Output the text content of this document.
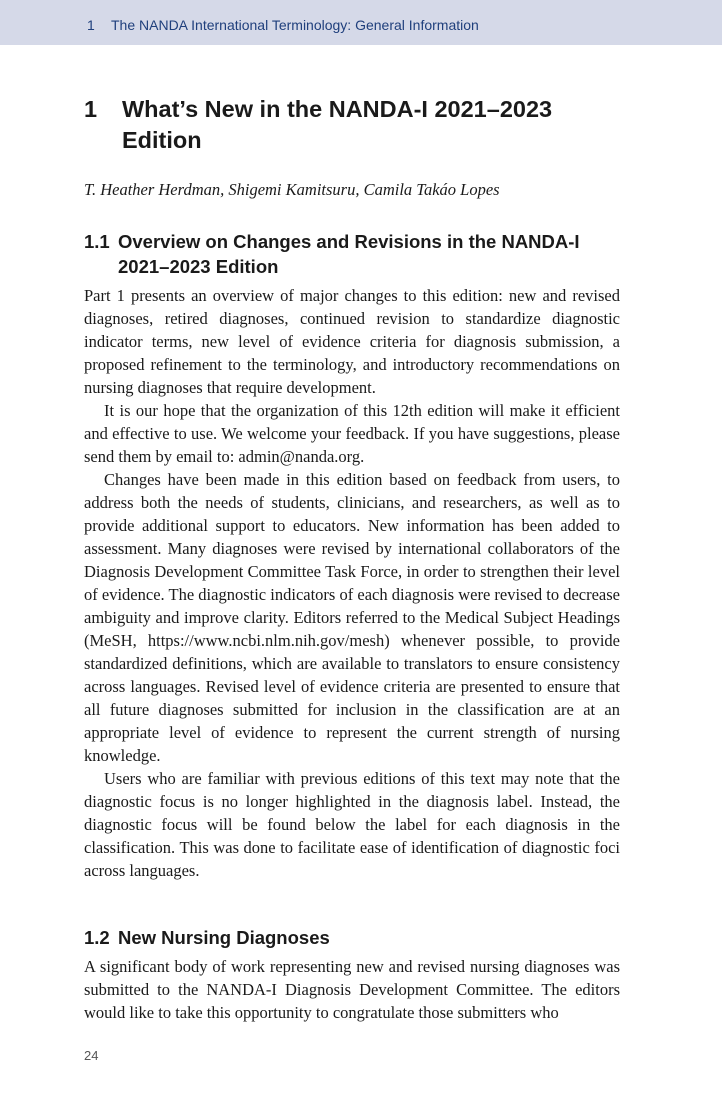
1 The NANDA International Terminology: General Information
1 What’s New in the NANDA-I 2021–2023
Edition
T. Heather Herdman, Shigemi Kamitsuru, Camila Takáo Lopes
1.1 Overview on Changes and Revisions in the NANDA-I
2021–2023 Edition

Part 1 presents an overview of major changes to this edition: new and revised diagnoses, retired diagnoses, continued revision to standardize diagnostic indicator terms, new level of evidence criteria for diagnosis submission, a proposed refinement to the terminology, and introductory recommendations on nursing diagnoses that require development.

It is our hope that the organization of this 12th edition will make it efficient and effective to use. We welcome your feedback. If you have suggestions, please send them by email to: admin@nanda.org.

Changes have been made in this edition based on feedback from users, to address both the needs of students, clinicians, and researchers, as well as to provide additional support to educators. New information has been added to assessment. Many diagnoses were revised by international collaborators of the Diagnosis Development Committee Task Force, in order to strengthen their level of evidence. The diagnostic indicators of each diagnosis were revised to decrease ambiguity and improve clarity. Editors referred to the Medical Subject Headings (MeSH, https://www.ncbi.nlm.nih.gov/mesh) whenever possible, to provide standardized definitions, which are available to translators to ensure consistency across languages. Revised level of evidence criteria are presented to ensure that all future diagnoses submitted for inclusion in the classification are at an appropriate level of evidence to represent the current strength of nursing knowledge.

Users who are familiar with previous editions of this text may note that the diagnostic focus is no longer highlighted in the diagnosis label. Instead, the diagnostic focus will be found below the label for each diagnosis in the classification. This was done to facilitate ease of identification of diagnostic foci across languages.

1.2 New Nursing Diagnoses

A significant body of work representing new and revised nursing diagnoses was submitted to the NANDA-I Diagnosis Development Committee. The editors would like to take this opportunity to congratulate those submitters who

24
